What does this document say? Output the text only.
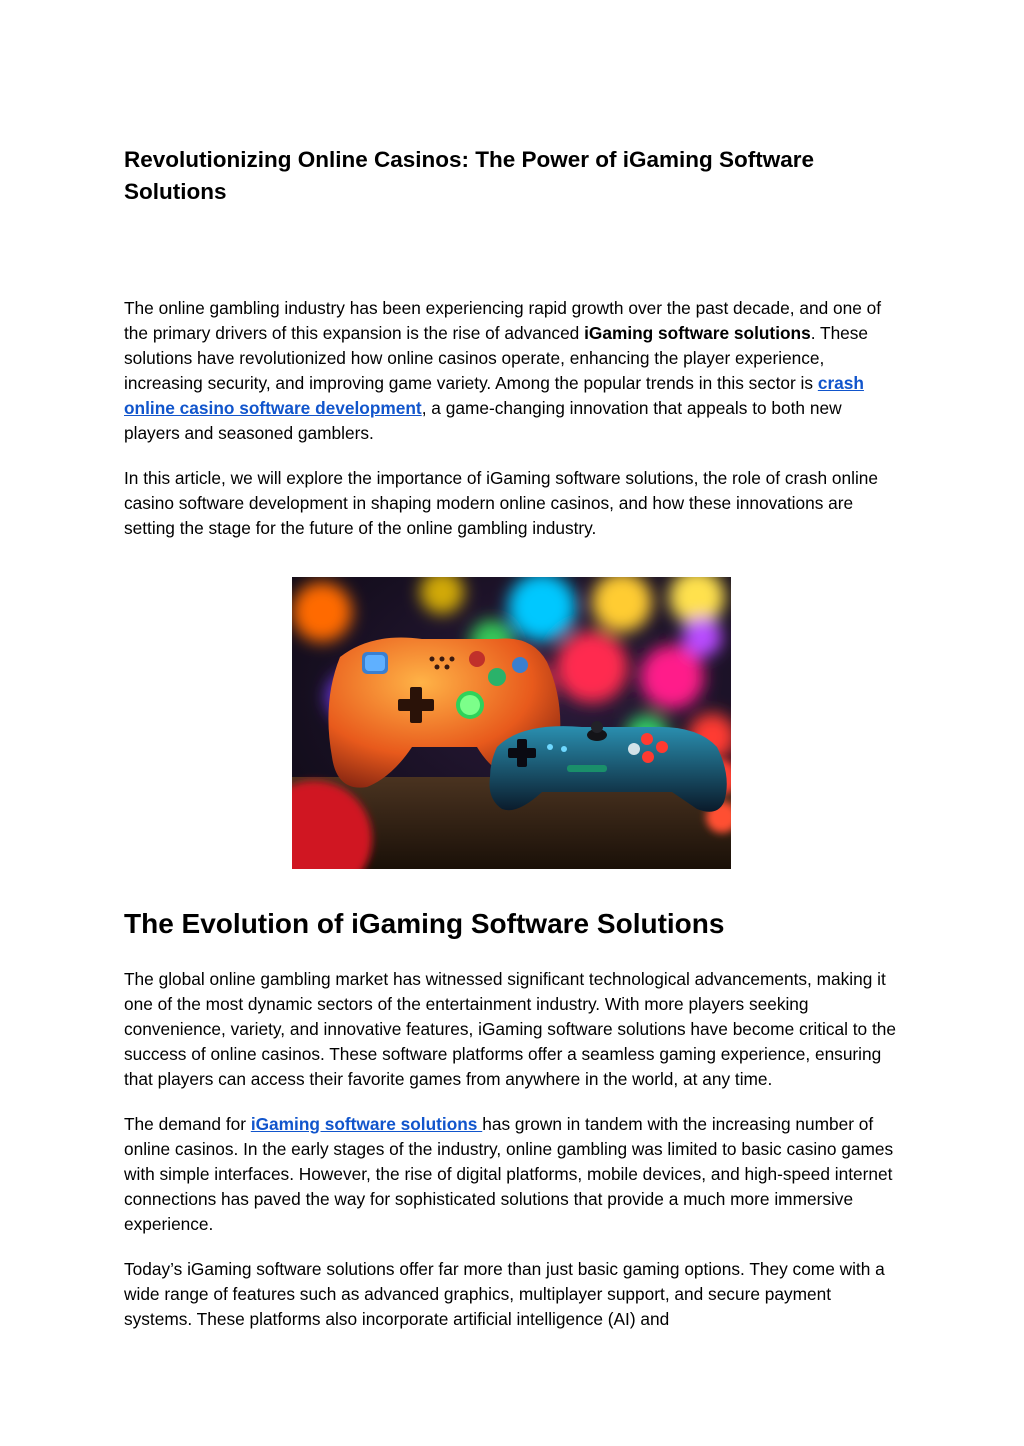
Revolutionizing Online Casinos: The Power of iGaming Software Solutions

The online gambling industry has been experiencing rapid growth over the past decade, and one of the primary drivers of this expansion is the rise of advanced iGaming software solutions. These solutions have revolutionized how online casinos operate, enhancing the player experience, increasing security, and improving game variety. Among the popular trends in this sector is crash online casino software development, a game-changing innovation that appeals to both new players and seasoned gamblers.

In this article, we will explore the importance of iGaming software solutions, the role of crash online casino software development in shaping modern online casinos, and how these innovations are setting the stage for the future of the online gambling industry.

The Evolution of iGaming Software Solutions

The global online gambling market has witnessed significant technological advancements, making it one of the most dynamic sectors of the entertainment industry. With more players seeking convenience, variety, and innovative features, iGaming software solutions have become critical to the success of online casinos. These software platforms offer a seamless gaming experience, ensuring that players can access their favorite games from anywhere in the world, at any time.

The demand for iGaming software solutions has grown in tandem with the increasing number of online casinos. In the early stages of the industry, online gambling was limited to basic casino games with simple interfaces. However, the rise of digital platforms, mobile devices, and high-speed internet connections has paved the way for sophisticated solutions that provide a much more immersive experience.

Today’s iGaming software solutions offer far more than just basic gaming options. They come with a wide range of features such as advanced graphics, multiplayer support, and secure payment systems. These platforms also incorporate artificial intelligence (AI) and
